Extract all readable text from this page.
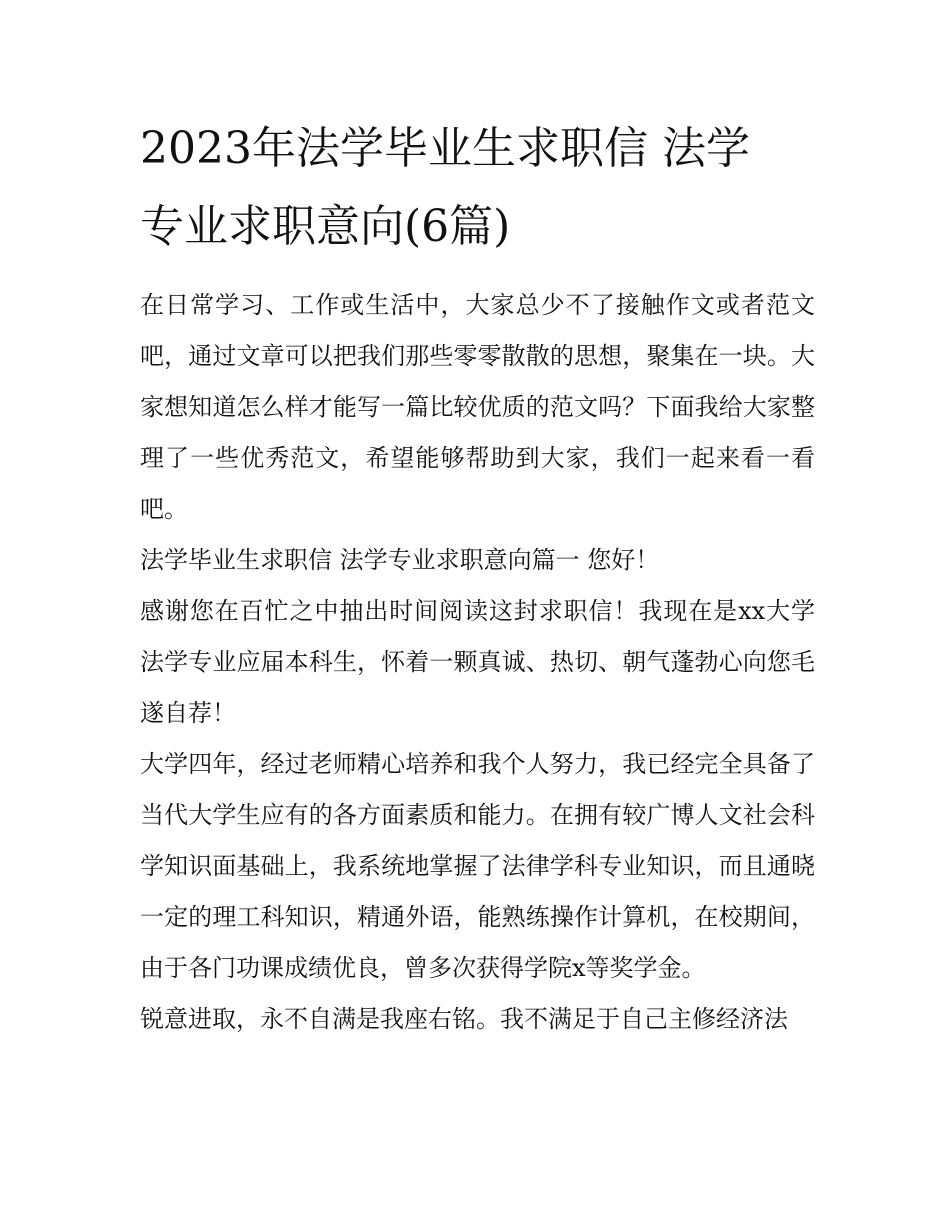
2023年法学毕业生求职信 法学专业求职意向(6篇)

在日常学习、工作或生活中，大家总少不了接触作文或者范文吧，通过文章可以把我们那些零零散散的思想，聚集在一块。大家想知道怎么样才能写一篇比较优质的范文吗？下面我给大家整理了一些优秀范文，希望能够帮助到大家，我们一起来看一看吧。

法学毕业生求职信 法学专业求职意向篇一 您好！

感谢您在百忙之中抽出时间阅读这封求职信！我现在是xx大学法学专业应届本科生，怀着一颗真诚、热切、朝气蓬勃心向您毛遂自荐！

大学四年，经过老师精心培养和我个人努力，我已经完全具备了当代大学生应有的各方面素质和能力。在拥有较广博人文社会科学知识面基础上，我系统地掌握了法律学科专业知识，而且通晓一定的理工科知识，精通外语，能熟练操作计算机，在校期间，由于各门功课成绩优良，曾多次获得学院x等奖学金。

锐意进取，永不自满是我座右铭。我不满足于自己主修经济法
